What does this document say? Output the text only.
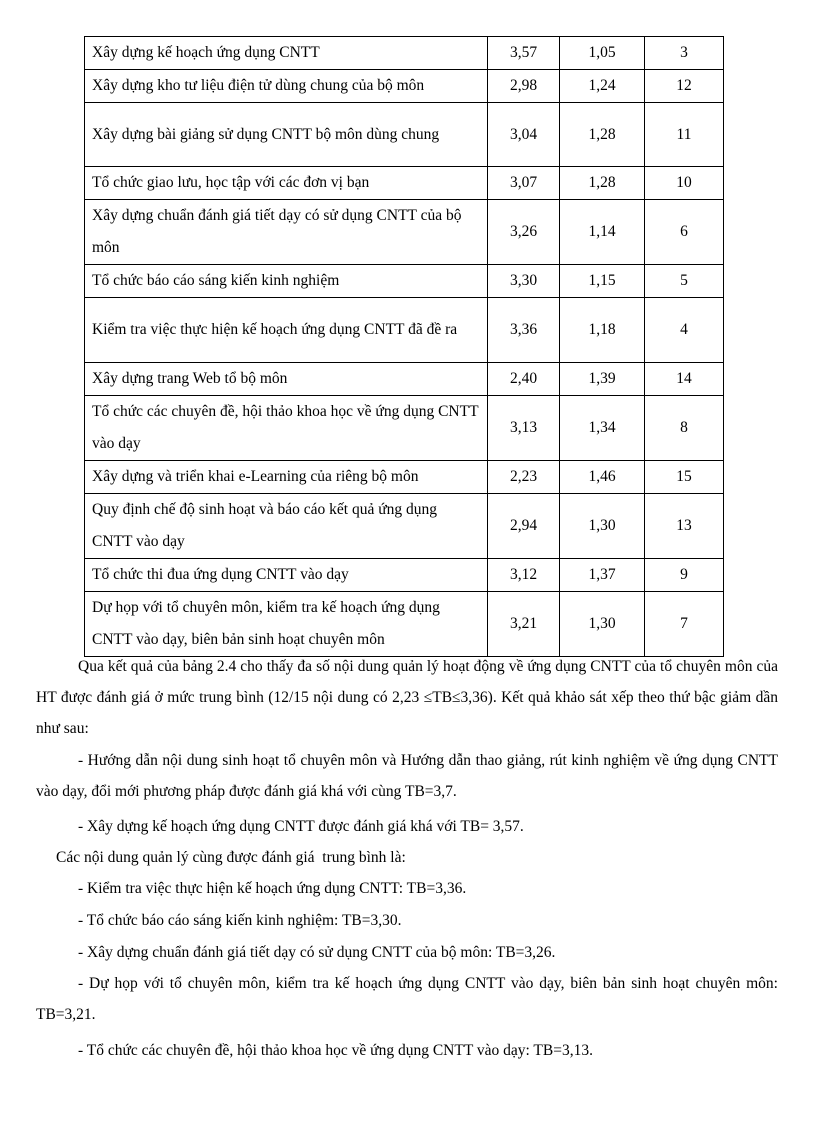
Xây dựng kế hoạch ứng dụng CNTT	3,57	1,05	3
Xây dựng kho tư liệu điện tử dùng chung của bộ môn	2,98	1,24	12
Xây dựng bài giảng sử dụng CNTT bộ môn dùng chung	3,04	1,28	11
Tổ chức giao lưu, học tập với các đơn vị bạn	3,07	1,28	10
Xây dựng chuẩn đánh giá tiết dạy có sử dụng CNTT của bộ môn	3,26	1,14	6
Tổ chức báo cáo sáng kiến kinh nghiệm	3,30	1,15	5
Kiểm tra việc thực hiện kế hoạch ứng dụng CNTT đã đề ra	3,36	1,18	4
Xây dựng trang Web tổ bộ môn	2,40	1,39	14
Tổ chức các chuyên đề, hội thảo khoa học về ứng dụng CNTT vào dạy	3,13	1,34	8
Xây dựng và triển khai e-Learning của riêng bộ môn	2,23	1,46	15
Quy định chế độ sinh hoạt và báo cáo kết quả ứng dụng CNTT vào dạy	2,94	1,30	13
Tổ chức thi đua ứng dụng CNTT vào dạy	3,12	1,37	9
Dự họp với tổ chuyên môn, kiểm tra kế hoạch ứng dụng CNTT vào dạy, biên bản sinh hoạt chuyên môn	3,21	1,30	7

Qua kết quả của bảng 2.4 cho thấy đa số nội dung quản lý hoạt động về ứng dụng CNTT của tổ chuyên môn của HT được đánh giá ở mức trung bình (12/15 nội dung có 2,23 ≤TB≤3,36). Kết quả khảo sát xếp theo thứ bậc giảm dần như sau:

- Hướng dẫn nội dung sinh hoạt tổ chuyên môn và Hướng dẫn thao giảng, rút kinh nghiệm về ứng dụng CNTT vào dạy, đổi mới phương pháp được đánh giá khá với cùng TB=3,7.

- Xây dựng kế hoạch ứng dụng CNTT được đánh giá khá với TB= 3,57.

Các nội dung quản lý cùng được đánh giá  trung bình là:

- Kiểm tra việc thực hiện kế hoạch ứng dụng CNTT: TB=3,36.

- Tổ chức báo cáo sáng kiến kinh nghiệm: TB=3,30.

- Xây dựng chuẩn đánh giá tiết dạy có sử dụng CNTT của bộ môn: TB=3,26.

- Dự họp với tổ chuyên môn, kiểm tra kế hoạch ứng dụng CNTT vào dạy, biên bản sinh hoạt chuyên môn: TB=3,21.

- Tổ chức các chuyên đề, hội thảo khoa học về ứng dụng CNTT vào dạy: TB=3,13.
